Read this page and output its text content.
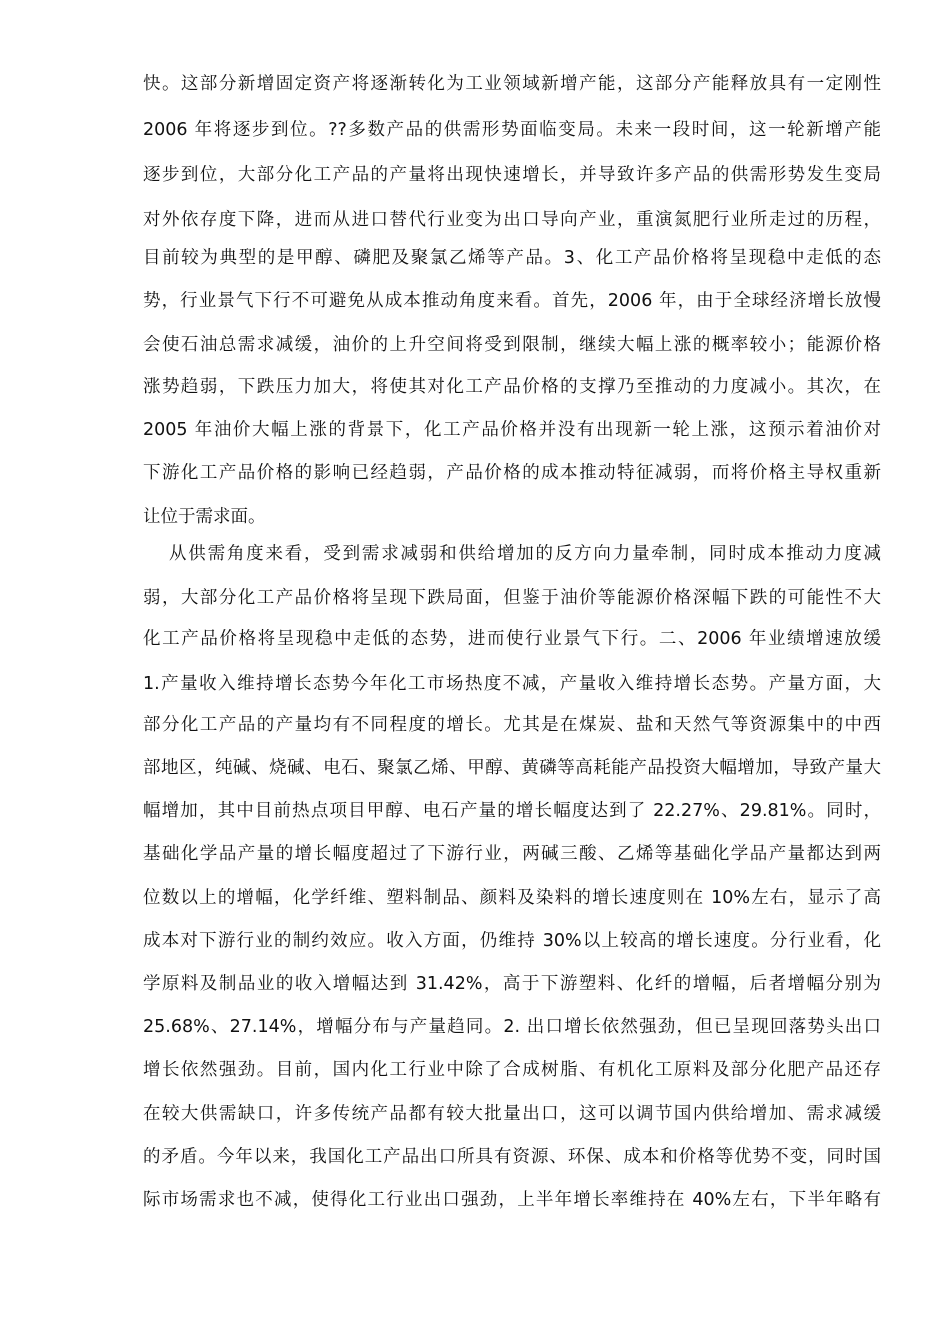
快。这部分新增固定资产将逐渐转化为工业领域新增产能，这部分产能释放具有一定刚性
2006 年将逐步到位。??多数产品的供需形势面临变局。未来一段时间，这一轮新增产能
逐步到位，大部分化工产品的产量将出现快速增长，并导致许多产品的供需形势发生变局
对外依存度下降，进而从进口替代行业变为出口导向产业，重演氮肥行业所走过的历程，
目前较为典型的是甲醇、磷肥及聚氯乙烯等产品。3、化工产品价格将呈现稳中走低的态
势，行业景气下行不可避免从成本推动角度来看。首先，2006 年，由于全球经济增长放慢
会使石油总需求减缓，油价的上升空间将受到限制，继续大幅上涨的概率较小；能源价格
涨势趋弱，下跌压力加大，将使其对化工产品价格的支撑乃至推动的力度减小。其次，在
2005 年油价大幅上涨的背景下，化工产品价格并没有出现新一轮上涨，这预示着油价对
下游化工产品价格的影响已经趋弱，产品价格的成本推动特征减弱，而将价格主导权重新
让位于需求面。
从供需角度来看，受到需求减弱和供给增加的反方向力量牵制，同时成本推动力度减
弱，大部分化工产品价格将呈现下跌局面，但鉴于油价等能源价格深幅下跌的可能性不大
化工产品价格将呈现稳中走低的态势，进而使行业景气下行。二、2006 年业绩增速放缓
1.产量收入维持增长态势今年化工市场热度不减，产量收入维持增长态势。产量方面，大
部分化工产品的产量均有不同程度的增长。尤其是在煤炭、盐和天然气等资源集中的中西
部地区，纯碱、烧碱、电石、聚氯乙烯、甲醇、黄磷等高耗能产品投资大幅增加，导致产量大
幅增加，其中目前热点项目甲醇、电石产量的增长幅度达到了 22.27%、29.81%。同时，
基础化学品产量的增长幅度超过了下游行业，两碱三酸、乙烯等基础化学品产量都达到两
位数以上的增幅，化学纤维、塑料制品、颜料及染料的增长速度则在 10%左右，显示了高
成本对下游行业的制约效应。收入方面，仍维持 30%以上较高的增长速度。分行业看，化
学原料及制品业的收入增幅达到 31.42%，高于下游塑料、化纤的增幅，后者增幅分别为
25.68%、27.14%，增幅分布与产量趋同。2. 出口增长依然强劲，但已呈现回落势头出口
增长依然强劲。目前，国内化工行业中除了合成树脂、有机化工原料及部分化肥产品还存
在较大供需缺口，许多传统产品都有较大批量出口，这可以调节国内供给增加、需求减缓
的矛盾。今年以来，我国化工产品出口所具有资源、环保、成本和价格等优势不变，同时国
际市场需求也不减，使得化工行业出口强劲，上半年增长率维持在 40%左右，下半年略有
